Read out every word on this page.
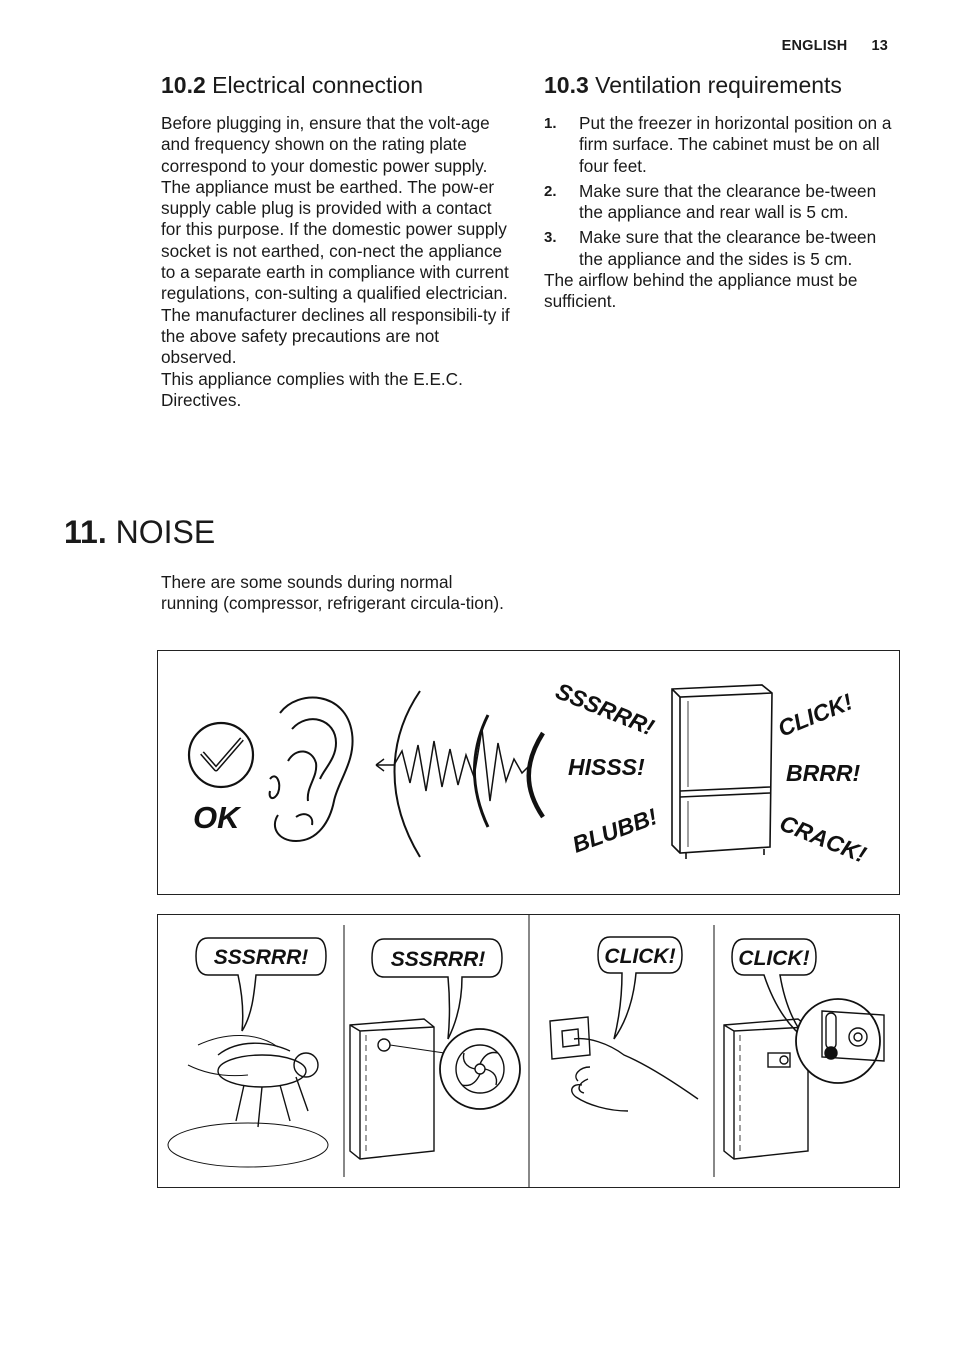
ENGLISH 13
10.2 Electrical connection

Before plugging in, ensure that the volt-age and frequency shown on the rating plate correspond to your domestic power supply.

The appliance must be earthed. The pow-er supply cable plug is provided with a contact for this purpose. If the domestic power supply socket is not earthed, con-nect the appliance to a separate earth in compliance with current regulations, con-sulting a qualified electrician.

The manufacturer declines all responsibili-ty if the above safety precautions are not observed.

This appliance complies with the E.E.C. Directives.

10.3 Ventilation requirements
1. Put the freezer in horizontal position on a firm surface. The cabinet must be on all four feet.
2. Make sure that the clearance be-tween the appliance and rear wall is 5 cm.
3. Make sure that the clearance be-tween the appliance and the sides is 5 cm.

The airflow behind the appliance must be sufficient.

11. NOISE

There are some sounds during normal running (compressor, refrigerant circula-tion).

OK
SSSRRR!
HISSS!
BLUBB!
CLICK!
BRRR!
CRACK!
SSSRRR!	SSSRRR!	CLICK!	CLICK!
